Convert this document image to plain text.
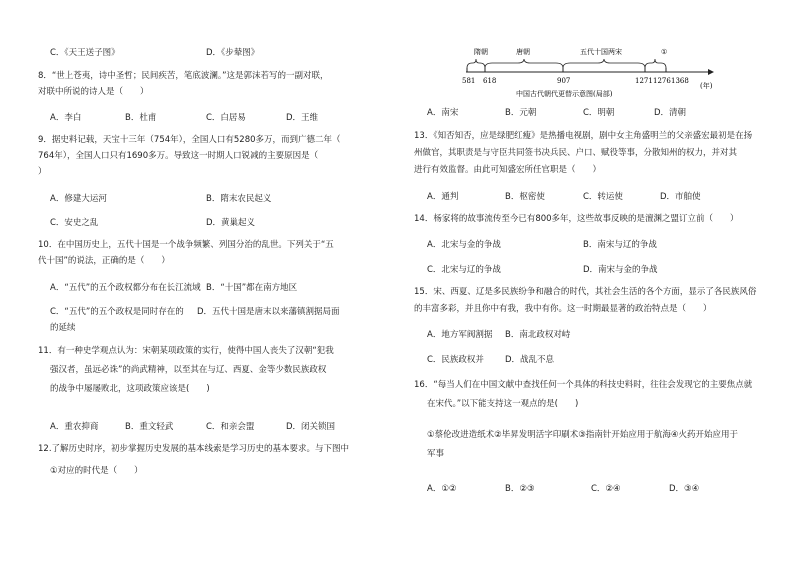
C．《天王送子图》	D．《步辇图》
8．“世上苍夷，诗中圣哲；民间疾苦，笔底波澜。”这是郭沫若写的一副对联，
对联中所说的诗人是（　　）
A．李白	B．杜甫	C．白居易	D．王维
9．据史料记载，天宝十三年（754年），全国人口有5280多万，而到广德二年（
764年），全国人口只有1690多万。导致这一时期人口锐减的主要原因是（
）
A．修建大运河	B．隋末农民起义
C．安史之乱	D．黄巢起义
10．在中国历史上，五代十国是一个战争频繁、列国分治的乱世。下列关于“五
代十国”的说法，正确的是（　　）
A．“五代”的五个政权都分布在长江流域 B．“十国”都在南方地区
C．“五代”的五个政权是同时存在的 D．五代十国是唐末以来藩镇割据局面
的延续
11．有一种史学观点认为：宋朝某项政策的实行，使得中国人丧失了汉朝“犯我
强汉者，虽远必诛”的尚武精神，以至其在与辽、西夏、金等少数民族政权
的战争中屡屡败北，这项政策应该是(　　)
A．重农抑商	B．重文轻武	C．和亲会盟	D．闭关锁国
12.了解历史时序，初步掌握历史发展的基本线索是学习历史的基本要求。与下图中
①对应的时代是（　　）
隋朝	唐朝	五代十国两宋	①
581 618	907	1271 1276 1368
(年)
中国古代朝代更替示意图(局部)
A．南宋	B．元朝	C．明朝	D．清朝
13．《知否知否，应是绿肥红瘦》是热播电视剧，剧中女主角盛明兰的父亲盛宏最初是在扬
州做官，其职责是与守臣共同签书决兵民、户口、赋役等事，分散知州的权力，并对其
进行有效监督。由此可知盛宏所任官职是（　　）
A．通判	B．枢密使	C．转运使	D．市舶使
14．杨家将的故事流传至今已有800多年，这些故事反映的是澶渊之盟订立前（　　）
A．北宋与金的争战	B．南宋与辽的争战
C．北宋与辽的争战	D．南宋与金的争战
15．宋、西夏、辽是多民族纷争和融合的时代，其社会生活的各个方面，显示了各民族风俗
的丰富多彩，并且你中有我，我中有你。这一时期最显著的政治特点是（　　）
A．地方军阀割据 B．南北政权对峙
C．民族政权并 D．战乱不息
16．“每当人们在中国文献中查找任何一个具体的科技史料时，往往会发现它的主要焦点就
在宋代。”以下能支持这一观点的是(　　)
①蔡伦改进造纸术②毕昇发明活字印刷术③指南针开始应用于航海④火药开始应用于
军事
A．①②	B．②③	C．②④	D．③④
